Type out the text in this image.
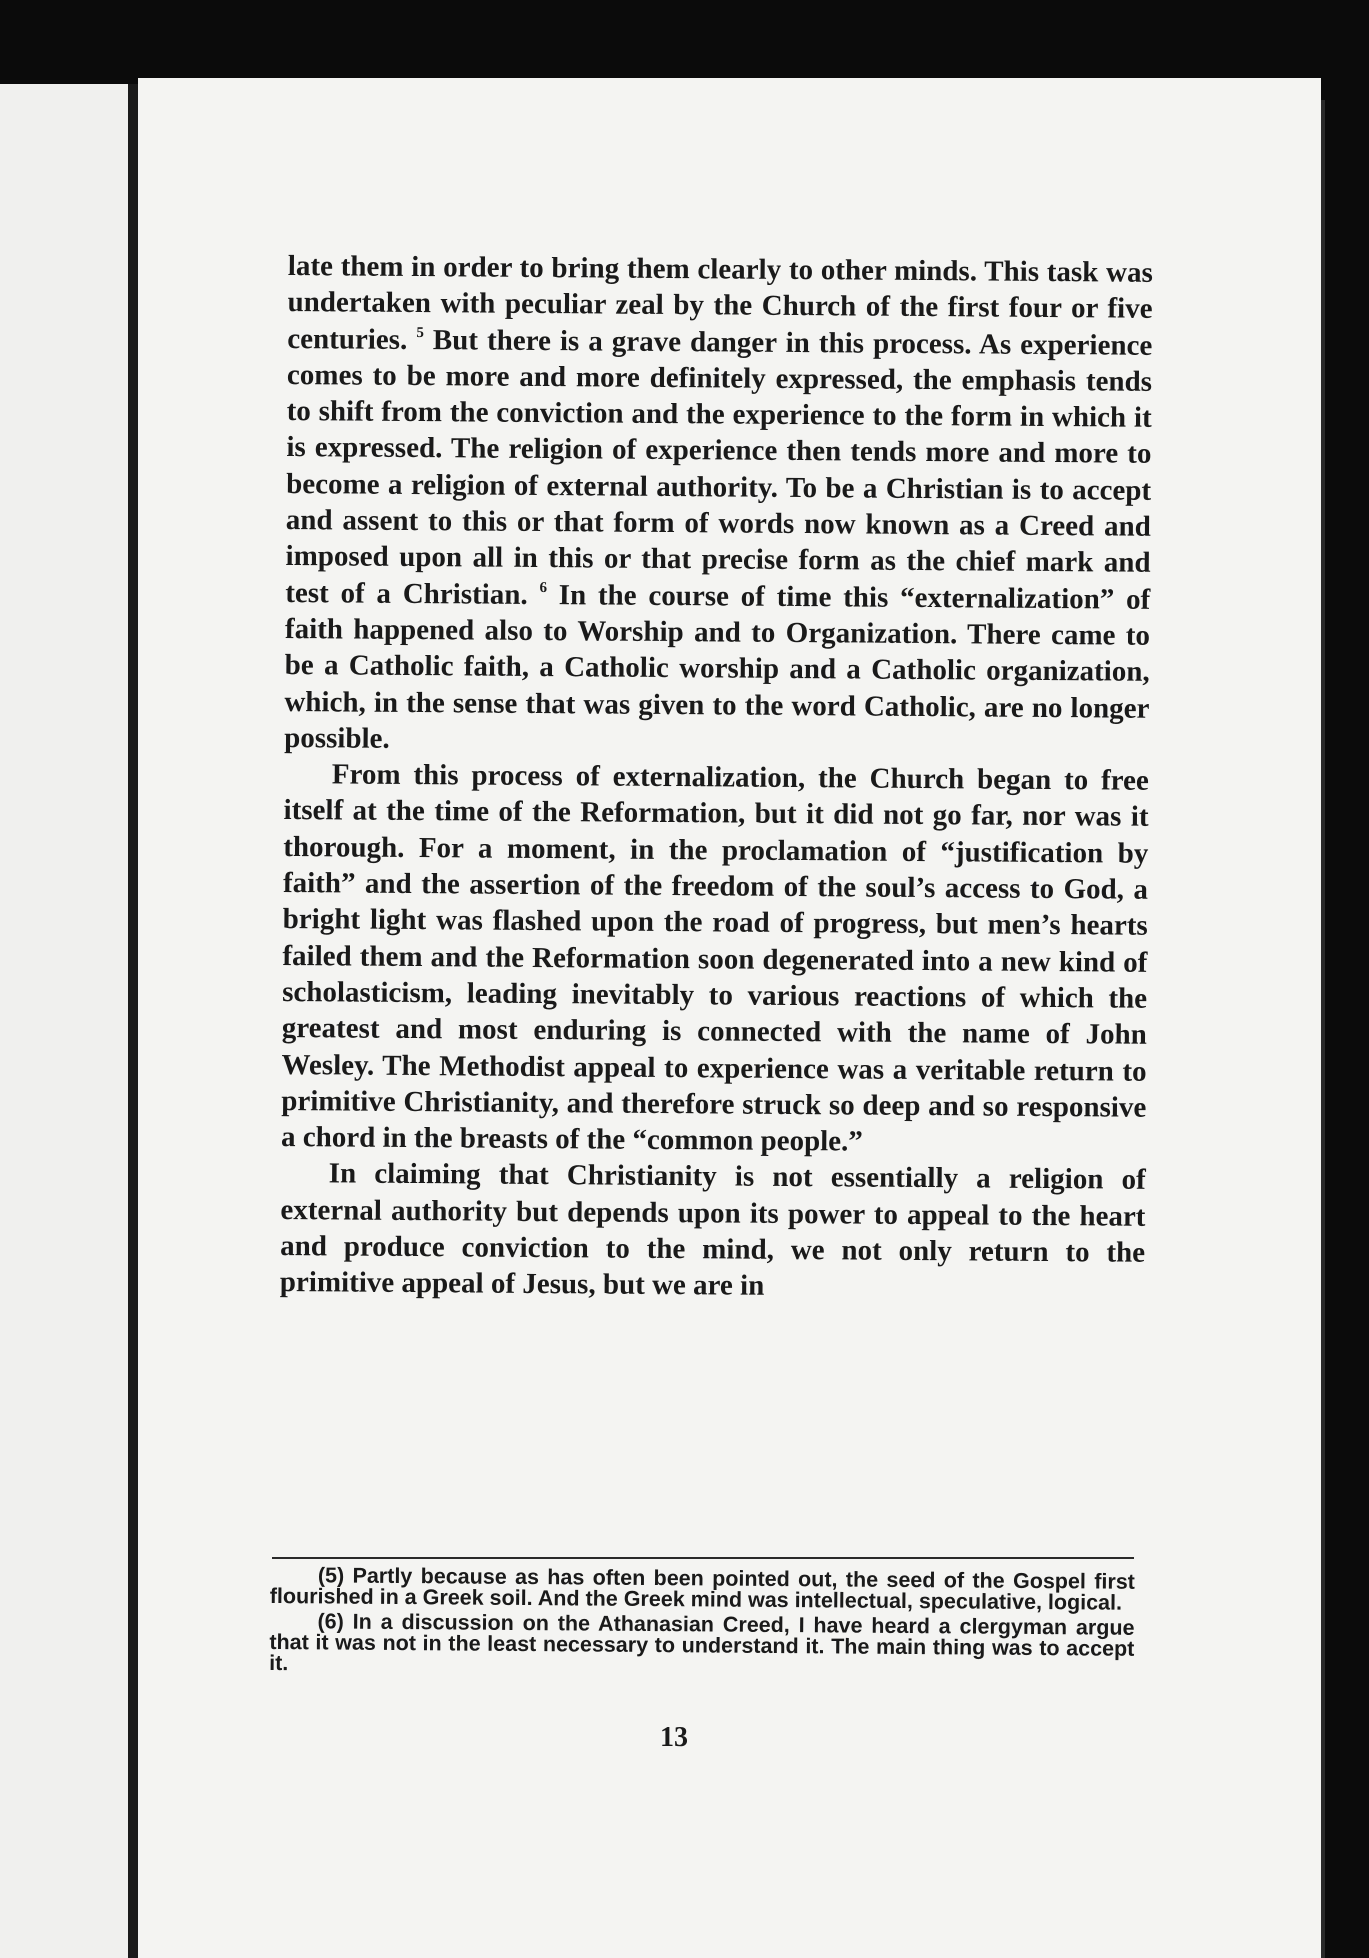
late them in order to bring them clearly to other minds. This task was undertaken with peculiar zeal by the Church of the first four or five centuries. $^5$ But there is a grave danger in this process. As experience comes to be more and more definitely expressed, the emphasis tends to shift from the conviction and the experience to the form in which it is expressed. The religion of experience then tends more and more to become a religion of external authority. To be a Christian is to accept and assent to this or that form of words now known as a Creed and imposed upon all in this or that precise form as the chief mark and test of a Christian. $^6$ In the course of time this “externalization” of faith happened also to Worship and to Organization. There came to be a Catholic faith, a Catholic worship and a Catholic organization, which, in the sense that was given to the word Catholic, are no longer possible.

From this process of externalization, the Church began to free itself at the time of the Reformation, but it did not go far, nor was it thorough. For a moment, in the proclamation of “justification by faith” and the assertion of the freedom of the soul’s access to God, a bright light was flashed upon the road of progress, but men’s hearts failed them and the Reformation soon degenerated into a new kind of scholasticism, leading inevitably to various reactions of which the greatest and most enduring is connected with the name of John Wesley. The Methodist appeal to experience was a veritable return to primitive Christianity, and therefore struck so deep and so responsive a chord in the breasts of the “common people.”

In claiming that Christianity is not essentially a religion of external authority but depends upon its power to appeal to the heart and produce conviction to the mind, we not only return to the primitive appeal of Jesus, but we are in

(5) Partly because as has often been pointed out, the seed of the Gospel first flourished in a Greek soil. And the Greek mind was intellectual, speculative, logical.

(6) In a discussion on the Athanasian Creed, I have heard a clergyman argue that it was not in the least necessary to understand it. The main thing was to accept it.

13
